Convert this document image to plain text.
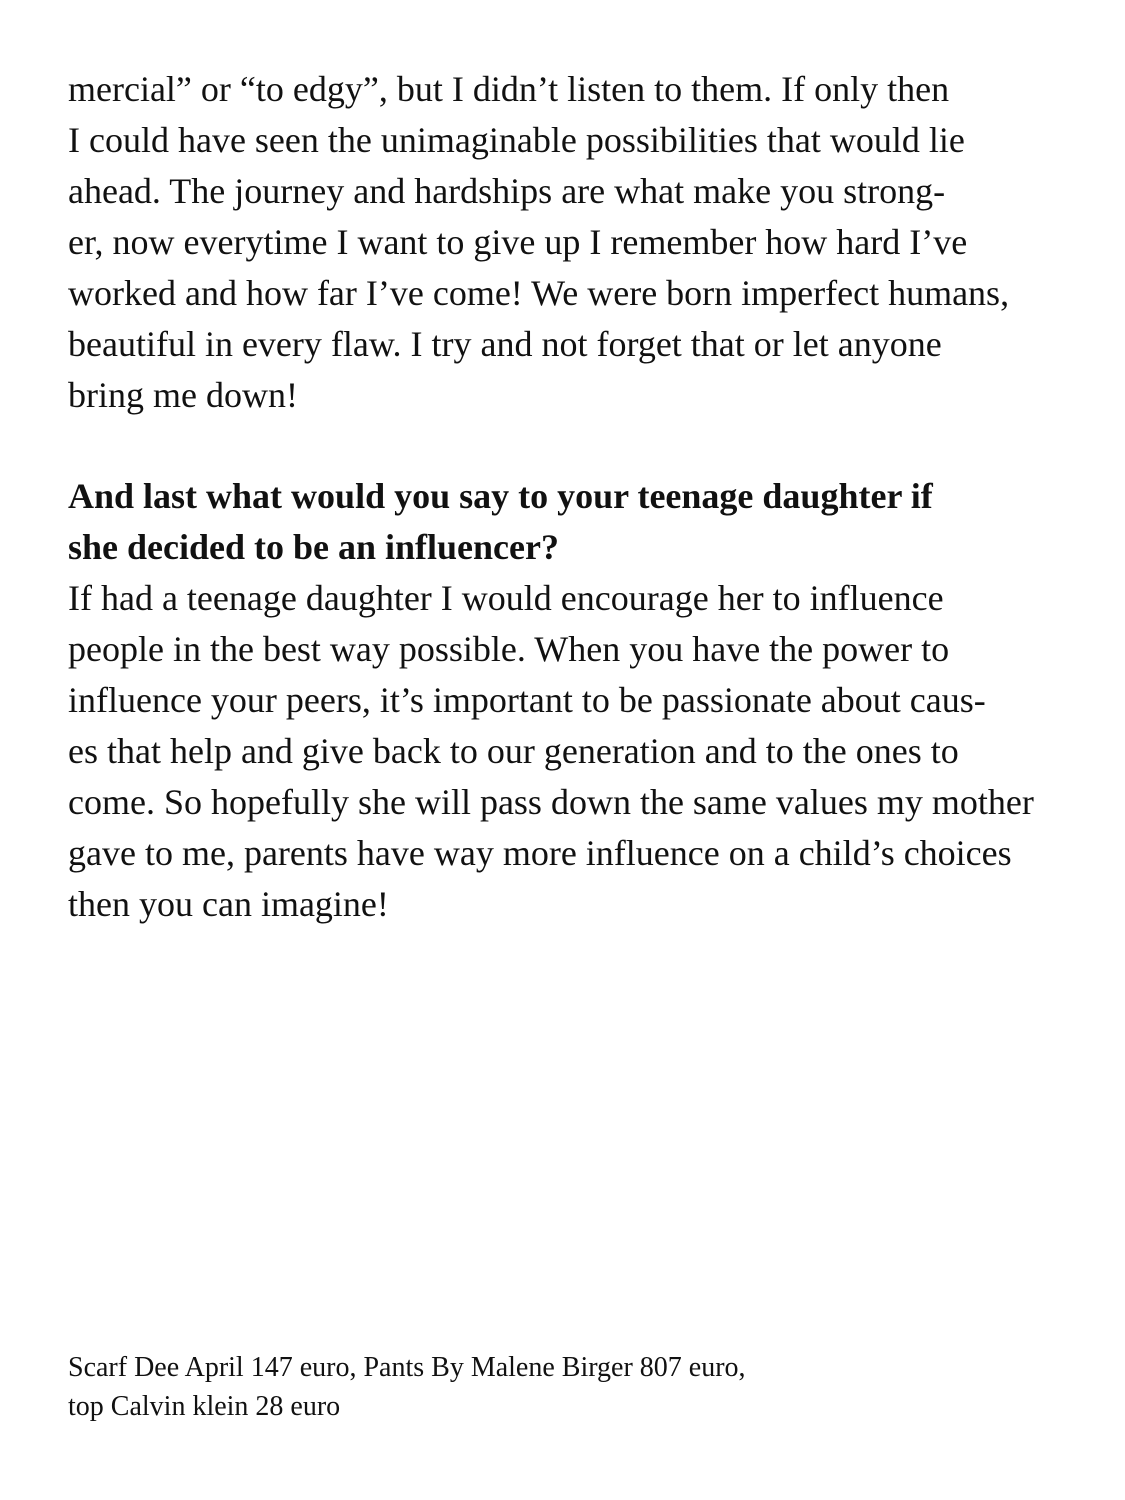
mercial” or “to edgy”, but I didn’t listen to them. If only then
I could have seen the unimaginable possibilities that would lie
ahead. The journey and hardships are what make you strong-
er, now everytime I want to give up I remember how hard I’ve
worked and how far I’ve come! We were born imperfect humans,
beautiful in every flaw. I try and not forget that or let anyone
bring me down!
And last what would you say to your teenage daughter if
she decided to be an influencer?
If had a teenage daughter I would encourage her to influence
people in the best way possible. When you have the power to
influence your peers, it’s important to be passionate about caus-
es that help and give back to our generation and to the ones to
come. So hopefully she will pass down the same values my mother
gave to me, parents have way more influence on a child’s choices
then you can imagine!
Scarf Dee April 147 euro, Pants By Malene Birger 807 euro,
top Calvin klein 28 euro
